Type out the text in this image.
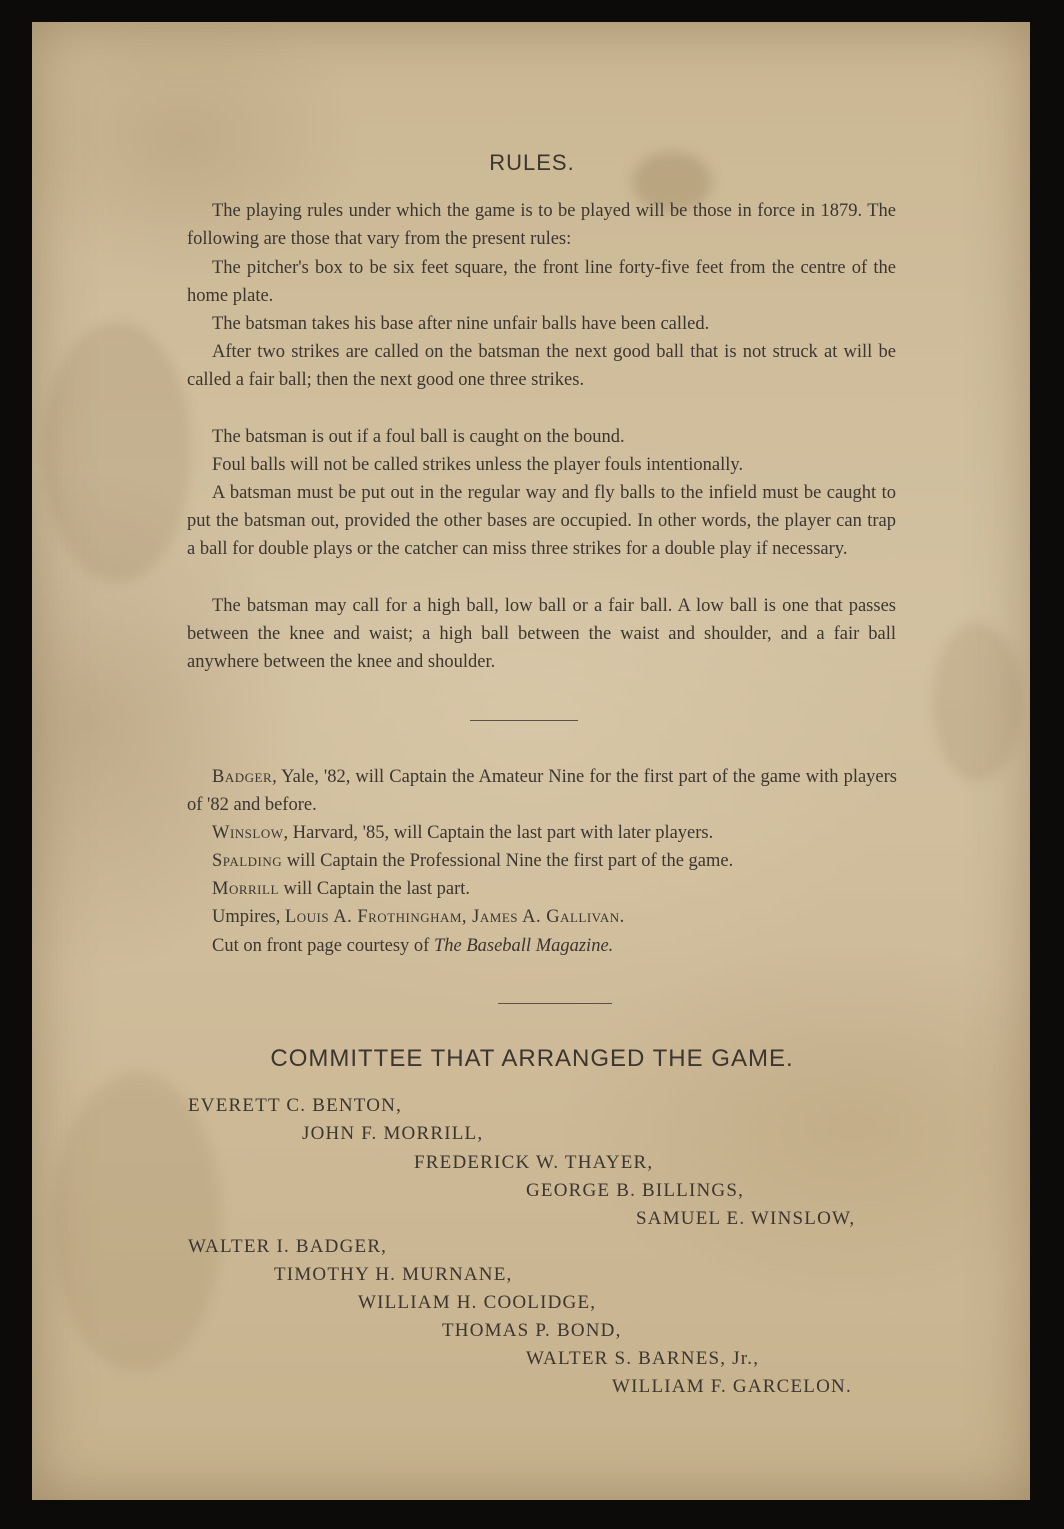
RULES.

The playing rules under which the game is to be played will be those in force in 1879. The following are those that vary from the present rules:

The pitcher's box to be six feet square, the front line forty-five feet from the centre of the home plate.

The batsman takes his base after nine unfair balls have been called.

After two strikes are called on the batsman the next good ball that is not struck at will be called a fair ball; then the next good one three strikes.

The batsman is out if a foul ball is caught on the bound.

Foul balls will not be called strikes unless the player fouls intentionally.

A batsman must be put out in the regular way and fly balls to the infield must be caught to put the batsman out, provided the other bases are occupied. In other words, the player can trap a ball for double plays or the catcher can miss three strikes for a double play if necessary.

The batsman may call for a high ball, low ball or a fair ball. A low ball is one that passes between the knee and waist; a high ball between the waist and shoulder, and a fair ball anywhere between the knee and shoulder.

Badger, Yale, '82, will Captain the Amateur Nine for the first part of the game with players of '82 and before.

Winslow, Harvard, '85, will Captain the last part with later players.

Spalding will Captain the Professional Nine the first part of the game.

Morrill will Captain the last part.

Umpires, Louis A. Frothingham, James A. Gallivan.

Cut on front page courtesy of The Baseball Magazine.

COMMITTEE THAT ARRANGED THE GAME.
EVERETT C. BENTON,
JOHN F. MORRILL,
FREDERICK W. THAYER,
GEORGE B. BILLINGS,
SAMUEL E. WINSLOW,
WALTER I. BADGER,
TIMOTHY H. MURNANE,
WILLIAM H. COOLIDGE,
THOMAS P. BOND,
WALTER S. BARNES, Jr.,
WILLIAM F. GARCELON.
